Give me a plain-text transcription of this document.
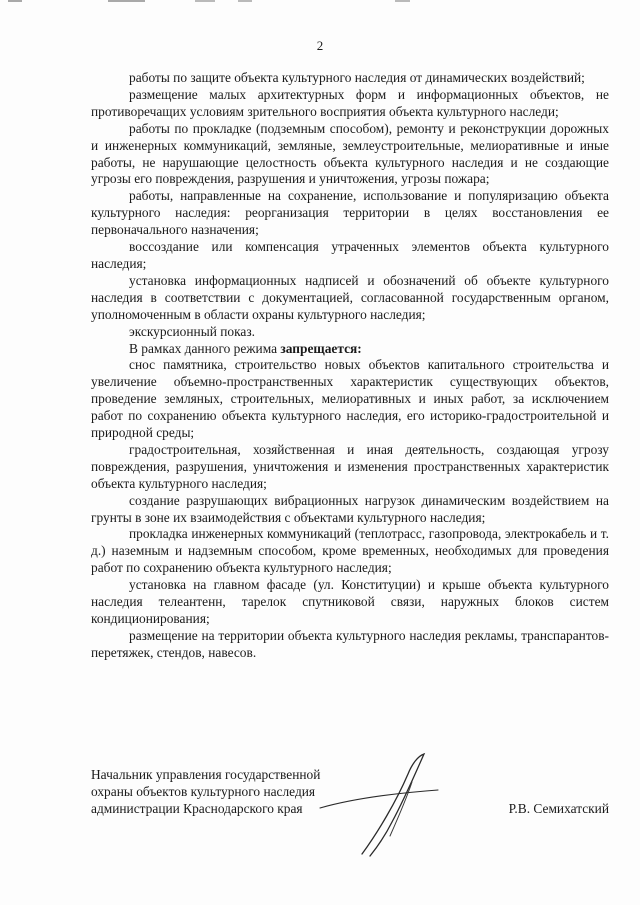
2

работы по защите объекта культурного наследия от динамических воздействий;

размещение малых архитектурных форм и информационных объектов, не противоречащих условиям зрительного восприятия объекта культурного наследи;

работы по прокладке (подземным способом), ремонту и реконструкции дорожных и инженерных коммуникаций, земляные, землеустроительные, мелиоративные и иные работы, не нарушающие целостность объекта культурного наследия и не создающие угрозы его повреждения, разрушения и уничтожения, угрозы пожара;

работы, направленные на сохранение, использование и популяризацию объекта культурного наследия: реорганизация территории в целях восстановления ее первоначального назначения;

воссоздание или компенсация утраченных элементов объекта культурного наследия;

установка информационных надписей и обозначений об объекте культурного наследия в соответствии с документацией, согласованной государственным органом, уполномоченным в области охраны культурного наследия;

экскурсионный показ.

В рамках данного режима запрещается:

снос памятника, строительство новых объектов капитального строительства и увеличение объемно-пространственных характеристик существующих объектов, проведение земляных, строительных, мелиоративных и иных работ, за исключением работ по сохранению объекта культурного наследия, его историко-градостроительной и природной среды;

градостроительная, хозяйственная и иная деятельность, создающая угрозу повреждения, разрушения, уничтожения и изменения пространственных характеристик объекта культурного наследия;

создание разрушающих вибрационных нагрузок динамическим воздействием на грунты в зоне их взаимодействия с объектами культурного наследия;

прокладка инженерных коммуникаций (теплотрасс, газопровода, электрокабель и т. д.) наземным и надземным способом, кроме временных, необходимых для проведения работ по сохранению объекта культурного наследия;

установка на главном фасаде (ул. Конституции) и крыше объекта культурного наследия телеантенн, тарелок спутниковой связи, наружных блоков систем кондиционирования;

размещение на территории объекта культурного наследия рекламы, транспарантов-перетяжек, стендов, навесов.

Начальник управления государственной
охраны объектов культурного наследия
администрации Краснодарского края	Р.В. Семихатский
